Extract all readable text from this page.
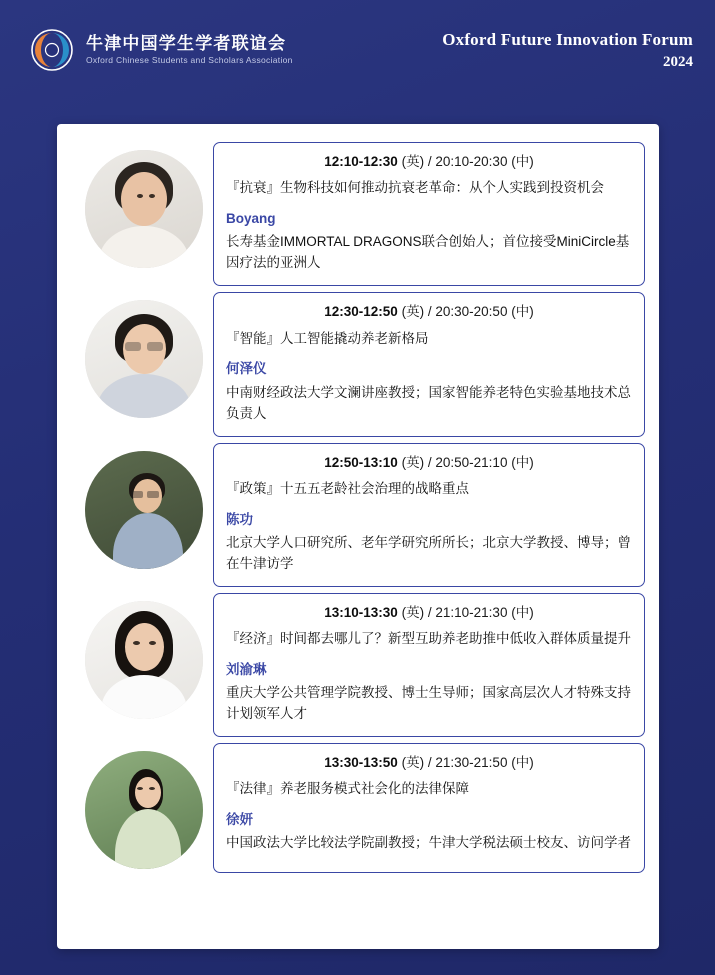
牛津中国学生学者联谊会
Oxford Chinese Students and Scholars Association
Oxford Future Innovation Forum
2024
12:10-12:30 (英) / 20:10-20:30 (中)
『抗衰』生物科技如何推动抗衰老革命：从个人实践到投资机会
Boyang
长寿基金IMMORTAL DRAGONS联合创始人；首位接受MiniCircle基因疗法的亚洲人
12:30-12:50 (英) / 20:30-20:50 (中)
『智能』人工智能撬动养老新格局
何泽仪
中南财经政法大学文澜讲座教授；国家智能养老特色实验基地技术总负责人
12:50-13:10 (英) / 20:50-21:10 (中)
『政策』十五五老龄社会治理的战略重点
陈功
北京大学人口研究所、老年学研究所所长；北京大学教授、博导；曾在牛津访学
13:10-13:30 (英) / 21:10-21:30 (中)
『经济』时间都去哪儿了？新型互助养老助推中低收入群体质量提升
刘渝琳
重庆大学公共管理学院教授、博士生导师；国家高层次人才特殊支持计划领军人才
13:30-13:50 (英) / 21:30-21:50 (中)
『法律』养老服务模式社会化的法律保障
徐妍
中国政法大学比较法学院副教授；牛津大学税法硕士校友、访问学者
